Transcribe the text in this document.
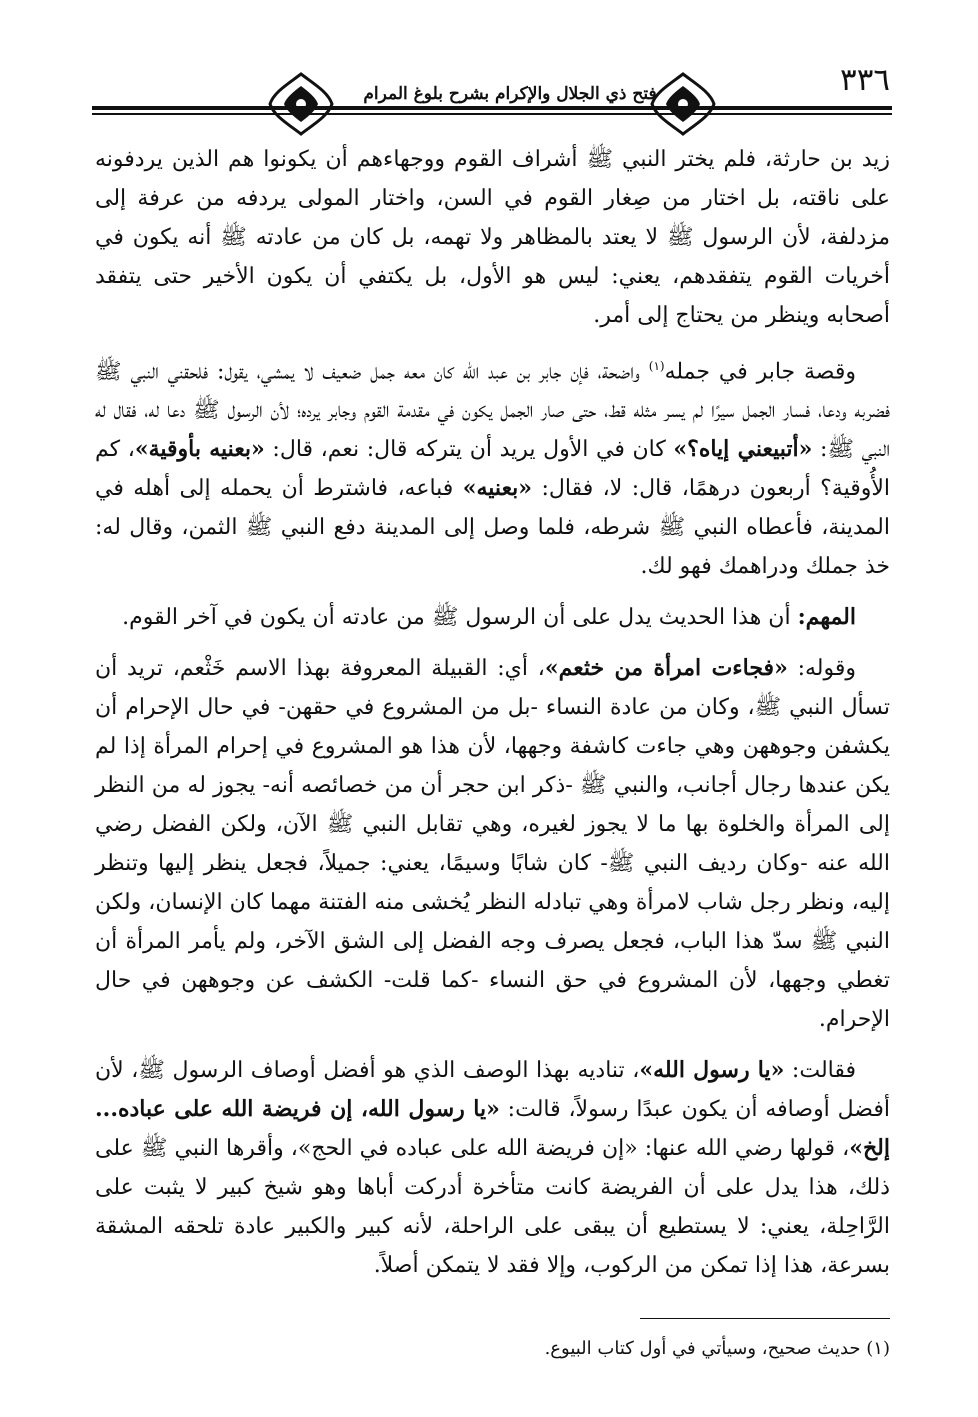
٣٣٦
فتح ذي الجلال والإكرام بشرح بلوغ المرام

زيد بن حارثة، فلم يختر النبي ﷺ أشراف القوم ووجهاءهم أن يكونوا هم الذين يردفونه على ناقته، بل اختار من صِغار القوم في السن، واختار المولى يردفه من عرفة إلى مزدلفة، لأن الرسول ﷺ لا يعتد بالمظاهر ولا تهمه، بل كان من عادته ﷺ أنه يكون في أخريات القوم يتفقدهم، يعني: ليس هو الأول، بل يكتفي أن يكون الأخير حتى يتفقد أصحابه وينظر من يحتاج إلى أمر.

وقصة جابر في جمله$^{(١)}$ واضحة، فإن جابر بن عبد الله كان معه جمل ضعيف لا يمشي، يقول: فلحقني النبي ﷺ فضربه ودعا، فسار الجمل سيرًا لم يسر مثله قط، حتى صار الجمل يكون في مقدمة القوم وجابر يرده؛ لأن الرسول ﷺ دعا له، فقال له النبي ﷺ: «أتبيعني إياه؟» كان في الأول يريد أن يتركه قال: نعم، قال: «بعنيه بأوقية»، كم الأُوقية؟ أربعون درهمًا، قال: لا، فقال: «بعنيه» فباعه، فاشترط أن يحمله إلى أهله في المدينة، فأعطاه النبي ﷺ شرطه، فلما وصل إلى المدينة دفع النبي ﷺ الثمن، وقال له: خذ جملك ودراهمك فهو لك.

المهم: أن هذا الحديث يدل على أن الرسول ﷺ من عادته أن يكون في آخر القوم.

وقوله: «فجاءت امرأة من خثعم»، أي: القبيلة المعروفة بهذا الاسم خَثْعم، تريد أن تسأل النبي ﷺ، وكان من عادة النساء -بل من المشروع في حقهن- في حال الإحرام أن يكشفن وجوههن وهي جاءت كاشفة وجهها، لأن هذا هو المشروع في إحرام المرأة إذا لم يكن عندها رجال أجانب، والنبي ﷺ -ذكر ابن حجر أن من خصائصه أنه- يجوز له من النظر إلى المرأة والخلوة بها ما لا يجوز لغيره، وهي تقابل النبي ﷺ الآن، ولكن الفضل رضي الله عنه -وكان رديف النبي ﷺ- كان شابًا وسيمًا، يعني: جميلاً، فجعل ينظر إليها وتنظر إليه، ونظر رجل شاب لامرأة وهي تبادله النظر يُخشى منه الفتنة مهما كان الإنسان، ولكن النبي ﷺ سدّ هذا الباب، فجعل يصرف وجه الفضل إلى الشق الآخر، ولم يأمر المرأة أن تغطي وجهها، لأن المشروع في حق النساء -كما قلت- الكشف عن وجوههن في حال الإحرام.

فقالت: «يا رسول الله»، تناديه بهذا الوصف الذي هو أفضل أوصاف الرسول ﷺ، لأن أفضل أوصافه أن يكون عبدًا رسولاً، قالت: «يا رسول الله، إن فريضة الله على عباده... إلخ»، قولها رضي الله عنها: «إن فريضة الله على عباده في الحج»، وأقرها النبي ﷺ على ذلك، هذا يدل على أن الفريضة كانت متأخرة أدركت أباها وهو شيخ كبير لا يثبت على الرَّاحِلة، يعني: لا يستطيع أن يبقى على الراحلة، لأنه كبير والكبير عادة تلحقه المشقة بسرعة، هذا إذا تمكن من الركوب، وإلا فقد لا يتمكن أصلاً.

(١) حديث صحيح، وسيأتي في أول كتاب البيوع.
